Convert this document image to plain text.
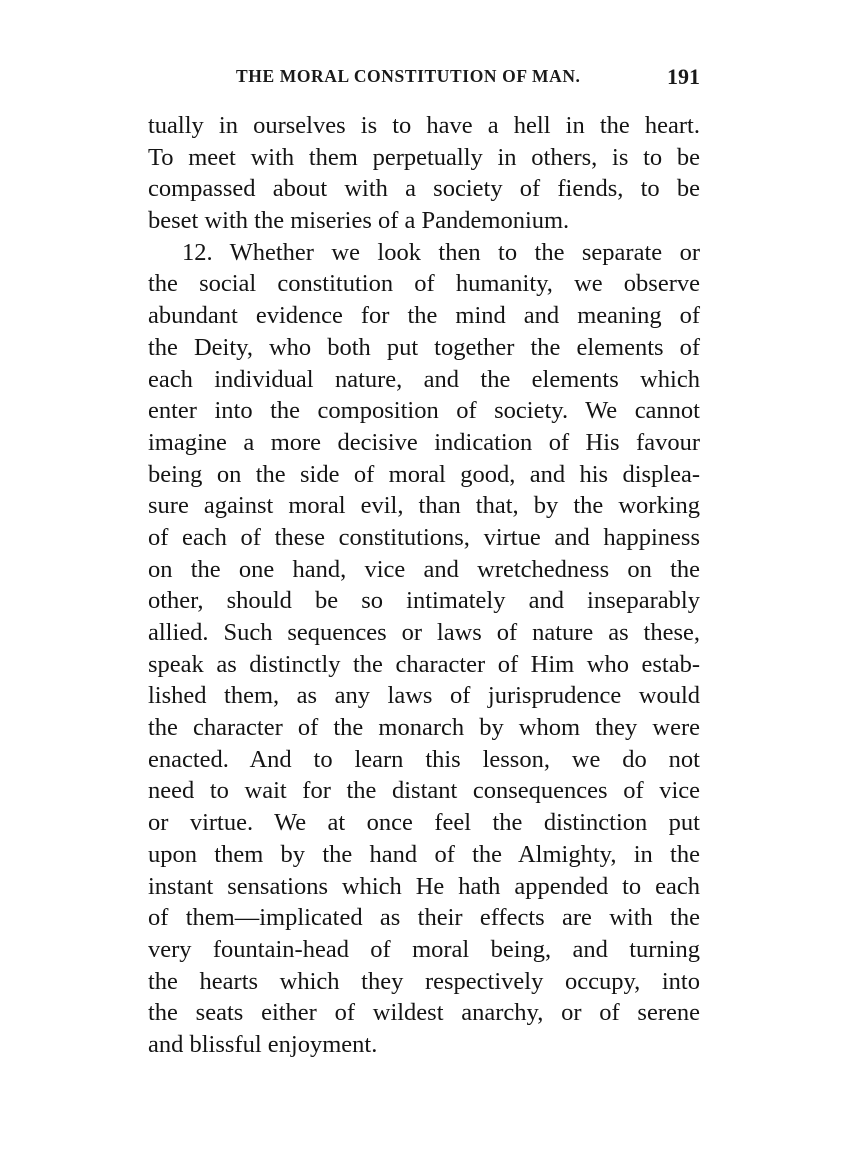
THE MORAL CONSTITUTION OF MAN.	191
tually in ourselves is to have a hell in the heart.
To meet with them perpetually in others, is to be
compassed about with a society of fiends, to be
beset with the miseries of a Pandemonium.
12. Whether we look then to the separate or
the social constitution of humanity, we observe
abundant evidence for the mind and meaning of
the Deity, who both put together the elements of
each individual nature, and the elements which
enter into the composition of society. We cannot
imagine a more decisive indication of His favour
being on the side of moral good, and his displea-
sure against moral evil, than that, by the working
of each of these constitutions, virtue and happiness
on the one hand, vice and wretchedness on the
other, should be so intimately and inseparably
allied. Such sequences or laws of nature as these,
speak as distinctly the character of Him who estab-
lished them, as any laws of jurisprudence would
the character of the monarch by whom they were
enacted. And to learn this lesson, we do not
need to wait for the distant consequences of vice
or virtue. We at once feel the distinction put
upon them by the hand of the Almighty, in the
instant sensations which He hath appended to each
of them—implicated as their effects are with the
very fountain-head of moral being, and turning
the hearts which they respectively occupy, into
the seats either of wildest anarchy, or of serene
and blissful enjoyment.
